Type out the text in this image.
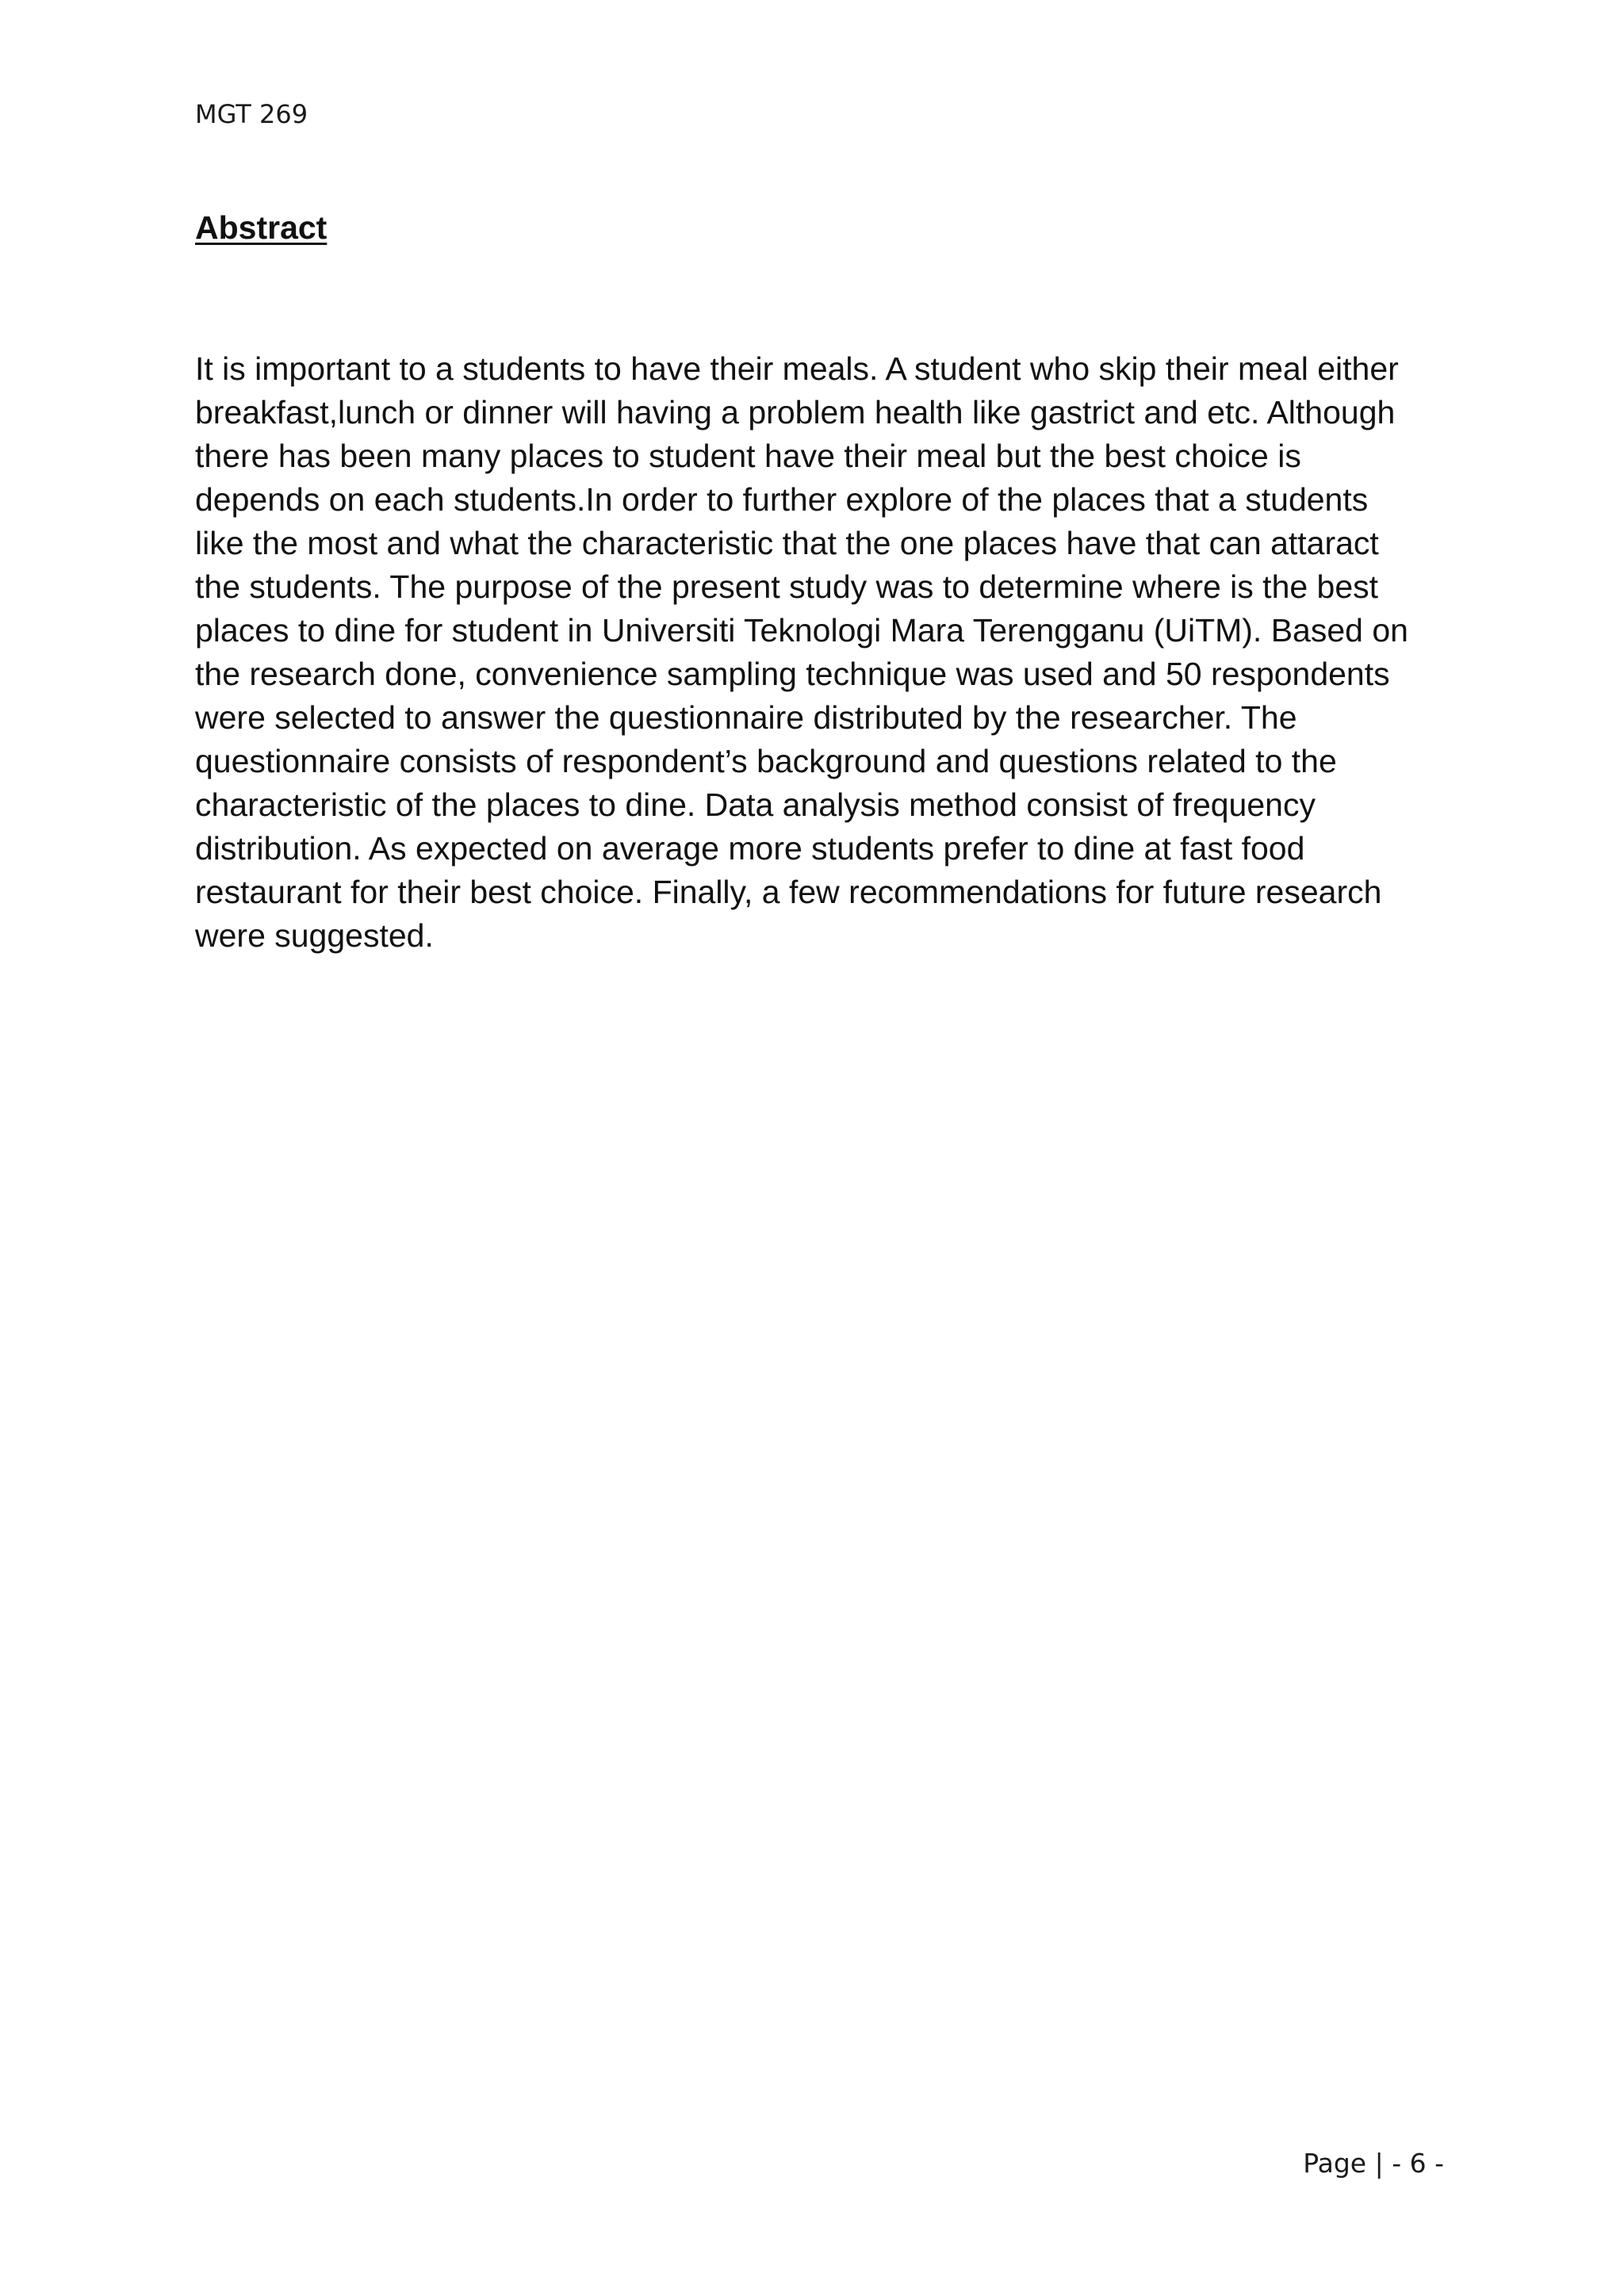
MGT 269
Abstract

It is important to a students to have their meals. A student who skip their meal either
breakfast,lunch or dinner will having a problem health like gastrict and etc. Although
there has been many places to student have their meal but the best choice is
depends on each students.In order to further explore of the places that a students
like the most and what the characteristic that the one places have that can attaract
the students. The purpose of the present study was to determine where is the best
places to dine for student in Universiti Teknologi Mara Terengganu (UiTM). Based on
the research done, convenience sampling technique was used and 50 respondents
were selected to answer the questionnaire distributed by the researcher. The
questionnaire consists of respondent’s background and questions related to the
characteristic of the places to dine. Data analysis method consist of frequency
distribution. As expected on average more students prefer to dine at fast food
restaurant for their best choice. Finally, a few recommendations for future research
were suggested.

Page | - 6 -
